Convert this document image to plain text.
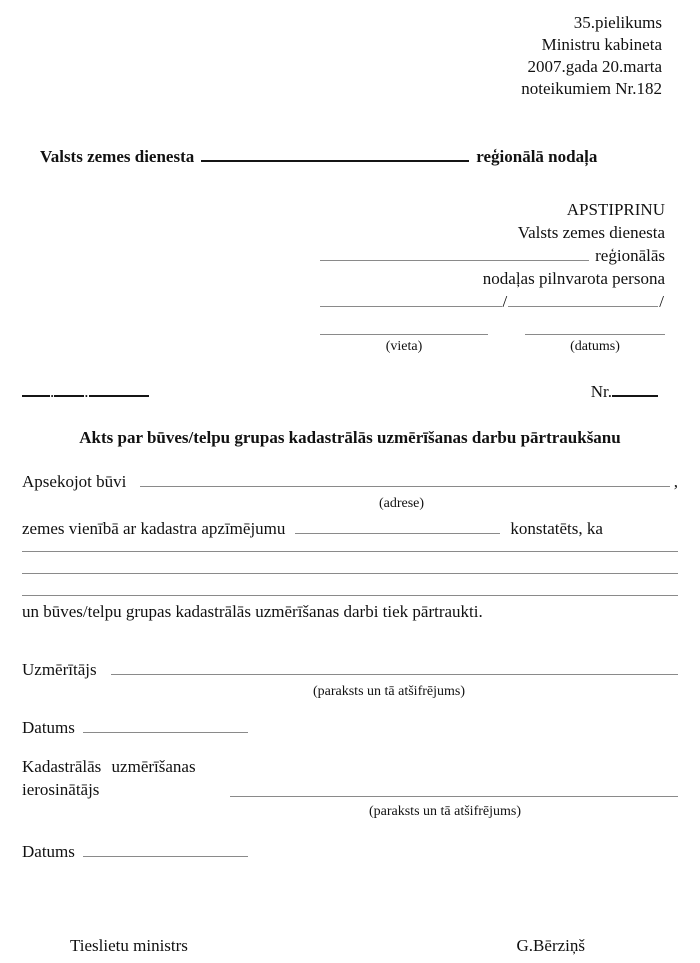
35.pielikums
Ministru kabineta
2007.gada 20.marta
noteikumiem Nr.182
Valsts zemes dienesta	reģionālā nodaļa
APSTIPRINU
Valsts zemes dienesta
reģionālās
nodaļas pilnvarota persona
/	/
(vieta)	(datums)
. .	Nr.
Akts par būves/telpu grupas kadastrālās uzmērīšanas darbu pārtraukšanu
Apsekojot būvi	,
(adrese)
zemes vienībā ar kadastra apzīmējumu	konstatēts, ka

un būves/telpu grupas kadastrālās uzmērīšanas darbi tiek pārtraukti.

Uzmērītājs
(paraksts un tā atšifrējums)
Datums
Kadastrālās uzmērīšanas
ierosinātājs
(paraksts un tā atšifrējums)
Datums
Tieslietu ministrs	G.Bērziņš
